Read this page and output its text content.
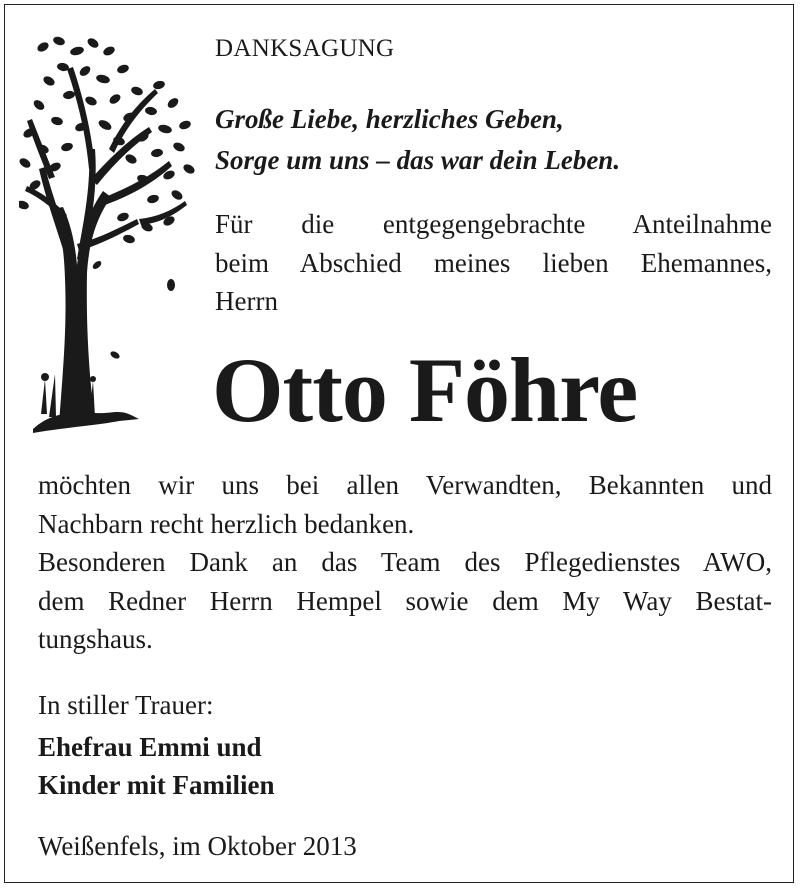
DANKSAGUNG
Große Liebe, herzliches Geben,
Sorge um uns – das war dein Leben.
Für die entgegengebrachte Anteilnahme
beim Abschied meines lieben Ehemannes,
Herrn
Otto Föhre
möchten wir uns bei allen Verwandten, Bekannten und
Nachbarn recht herzlich bedanken.
Besonderen Dank an das Team des Pflegedienstes AWO,
dem Redner Herrn Hempel sowie dem My Way Bestat-
tungshaus.
In stiller Trauer:
Ehefrau Emmi und
Kinder mit Familien
Weißenfels, im Oktober 2013
